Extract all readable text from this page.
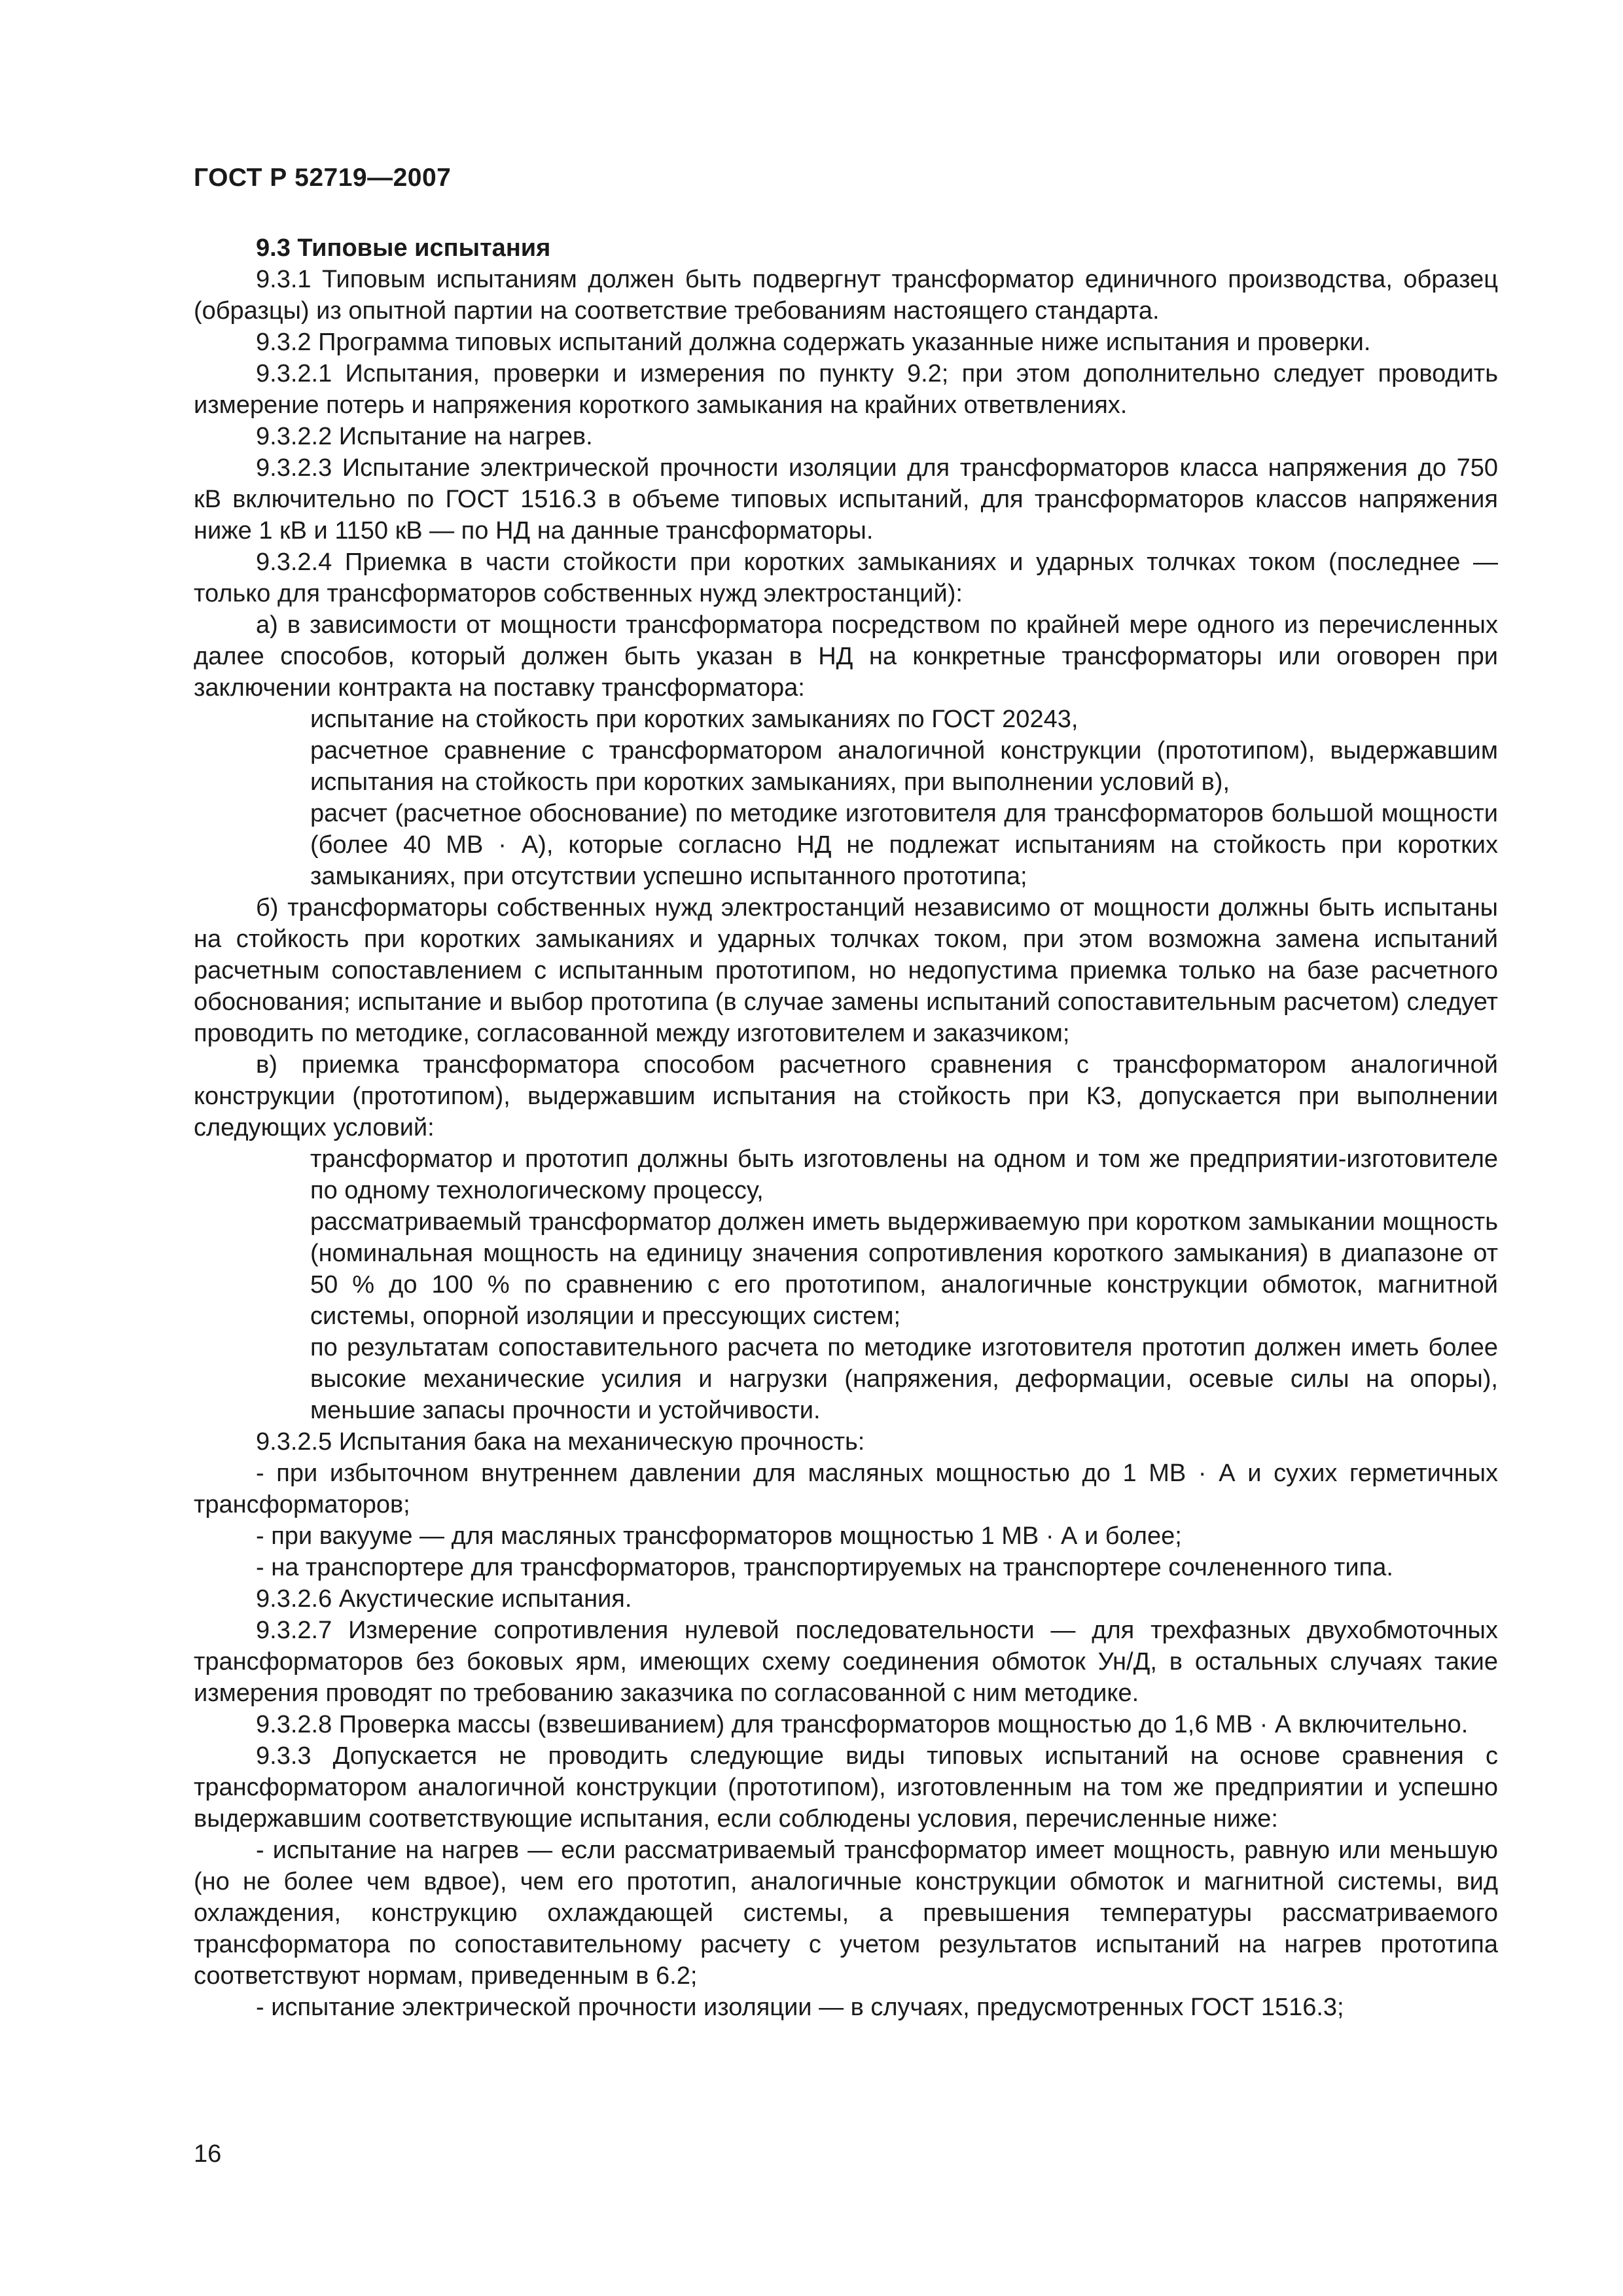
ГОСТ Р 52719—2007

9.3 Типовые испытания

9.3.1 Типовым испытаниям должен быть подвергнут трансформатор единичного производства, образец (образцы) из опытной партии на соответствие требованиям настоящего стандарта.

9.3.2 Программа типовых испытаний должна содержать указанные ниже испытания и проверки.

9.3.2.1 Испытания, проверки и измерения по пункту 9.2; при этом дополнительно следует проводить измерение потерь и напряжения короткого замыкания на крайних ответвлениях.

9.3.2.2 Испытание на нагрев.

9.3.2.3 Испытание электрической прочности изоляции для трансформаторов класса напряжения до 750 кВ включительно по ГОСТ 1516.3 в объеме типовых испытаний, для трансформаторов классов напряжения ниже 1 кВ и 1150 кВ — по НД на данные трансформаторы.

9.3.2.4 Приемка в части стойкости при коротких замыканиях и ударных толчках током (последнее — только для трансформаторов собственных нужд электростанций):

а) в зависимости от мощности трансформатора посредством по крайней мере одного из перечисленных далее способов, который должен быть указан в НД на конкретные трансформаторы или оговорен при заключении контракта на поставку трансформатора:

испытание на стойкость при коротких замыканиях по ГОСТ 20243,

расчетное сравнение с трансформатором аналогичной конструкции (прототипом), выдержавшим испытания на стойкость при коротких замыканиях, при выполнении условий в),

расчет (расчетное обоснование) по методике изготовителя для трансформаторов большой мощности (более 40 МВ · А), которые согласно НД не подлежат испытаниям на стойкость при коротких замыканиях, при отсутствии успешно испытанного прототипа;

б) трансформаторы собственных нужд электростанций независимо от мощности должны быть испытаны на стойкость при коротких замыканиях и ударных толчках током, при этом возможна замена испытаний расчетным сопоставлением с испытанным прототипом, но недопустима приемка только на базе расчетного обоснования; испытание и выбор прототипа (в случае замены испытаний сопоставительным расчетом) следует проводить по методике, согласованной между изготовителем и заказчиком;

в) приемка трансформатора способом расчетного сравнения с трансформатором аналогичной конструкции (прототипом), выдержавшим испытания на стойкость при КЗ, допускается при выполнении следующих условий:

трансформатор и прототип должны быть изготовлены на одном и том же предприятии-изготовителе по одному технологическому процессу,

рассматриваемый трансформатор должен иметь выдерживаемую при коротком замыкании мощность (номинальная мощность на единицу значения сопротивления короткого замыкания) в диапазоне от 50 % до 100 % по сравнению с его прототипом, аналогичные конструкции обмоток, магнитной системы, опорной изоляции и прессующих систем;

по результатам сопоставительного расчета по методике изготовителя прототип должен иметь более высокие механические усилия и нагрузки (напряжения, деформации, осевые силы на опоры), меньшие запасы прочности и устойчивости.

9.3.2.5 Испытания бака на механическую прочность:

- при избыточном внутреннем давлении для масляных мощностью до 1 МВ · А и сухих герметичных трансформаторов;

- при вакууме — для масляных трансформаторов мощностью 1 МВ · А и более;

- на транспортере для трансформаторов, транспортируемых на транспортере сочлененного типа.

9.3.2.6 Акустические испытания.

9.3.2.7 Измерение сопротивления нулевой последовательности — для трехфазных двухобмоточных трансформаторов без боковых ярм, имеющих схему соединения обмоток Ун/Д, в остальных случаях такие измерения проводят по требованию заказчика по согласованной с ним методике.

9.3.2.8 Проверка массы (взвешиванием) для трансформаторов мощностью до 1,6 МВ · А включительно.

9.3.3 Допускается не проводить следующие виды типовых испытаний на основе сравнения с трансформатором аналогичной конструкции (прототипом), изготовленным на том же предприятии и успешно выдержавшим соответствующие испытания, если соблюдены условия, перечисленные ниже:

- испытание на нагрев — если рассматриваемый трансформатор имеет мощность, равную или меньшую (но не более чем вдвое), чем его прототип, аналогичные конструкции обмоток и магнитной системы, вид охлаждения, конструкцию охлаждающей системы, а превышения температуры рассматриваемого трансформатора по сопоставительному расчету с учетом результатов испытаний на нагрев прототипа соответствуют нормам, приведенным в 6.2;

- испытание электрической прочности изоляции — в случаях, предусмотренных ГОСТ 1516.3;

16
